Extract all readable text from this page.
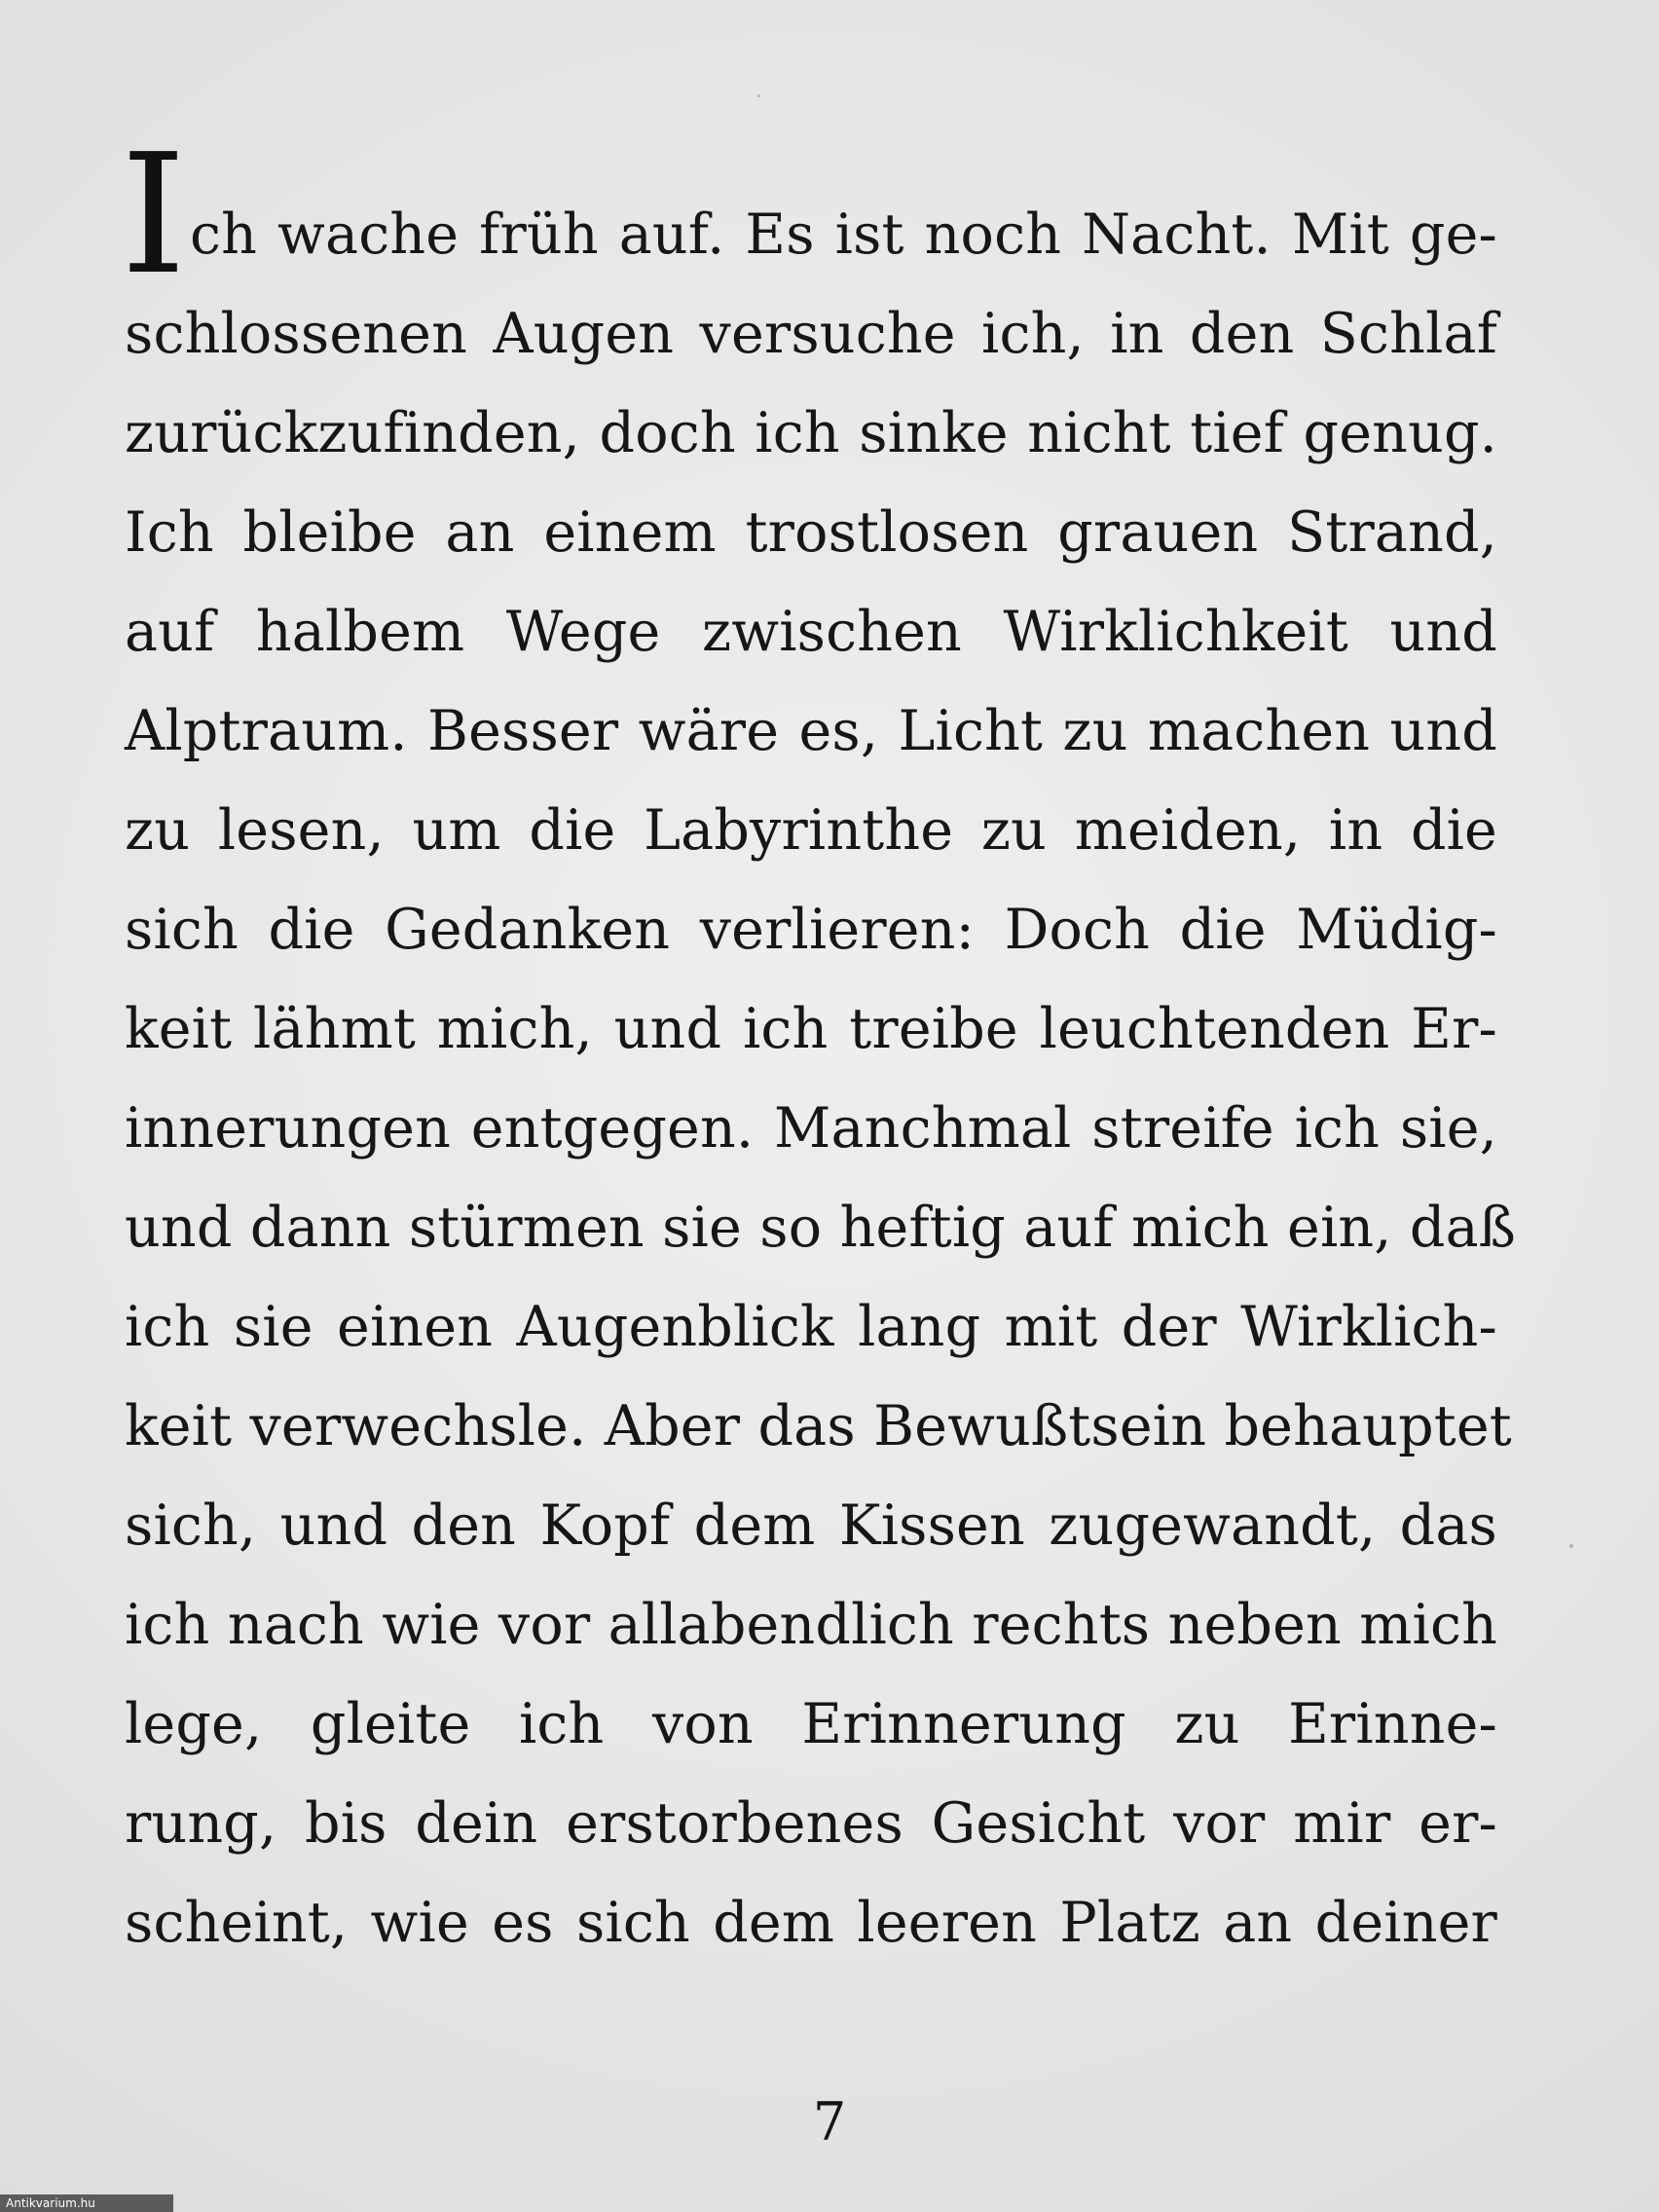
I ch wache früh auf. Es ist noch Nacht. Mit ge-
schlossenen Augen versuche ich, in den Schlaf
zurückzufinden, doch ich sinke nicht tief genug.
Ich bleibe an einem trostlosen grauen Strand,
auf halbem Wege zwischen Wirklichkeit und
Alptraum. Besser wäre es, Licht zu machen und
zu lesen, um die Labyrinthe zu meiden, in die
sich die Gedanken verlieren: Doch die Müdig-
keit lähmt mich, und ich treibe leuchtenden Er-
innerungen entgegen. Manchmal streife ich sie,
und dann stürmen sie so heftig auf mich ein, daß
ich sie einen Augenblick lang mit der Wirklich-
keit verwechsle. Aber das Bewußtsein behauptet
sich, und den Kopf dem Kissen zugewandt, das
ich nach wie vor allabendlich rechts neben mich
lege, gleite ich von Erinnerung zu Erinne-
rung, bis dein erstorbenes Gesicht vor mir er-
scheint, wie es sich dem leeren Platz an deiner
7
Antikvarium.hu
